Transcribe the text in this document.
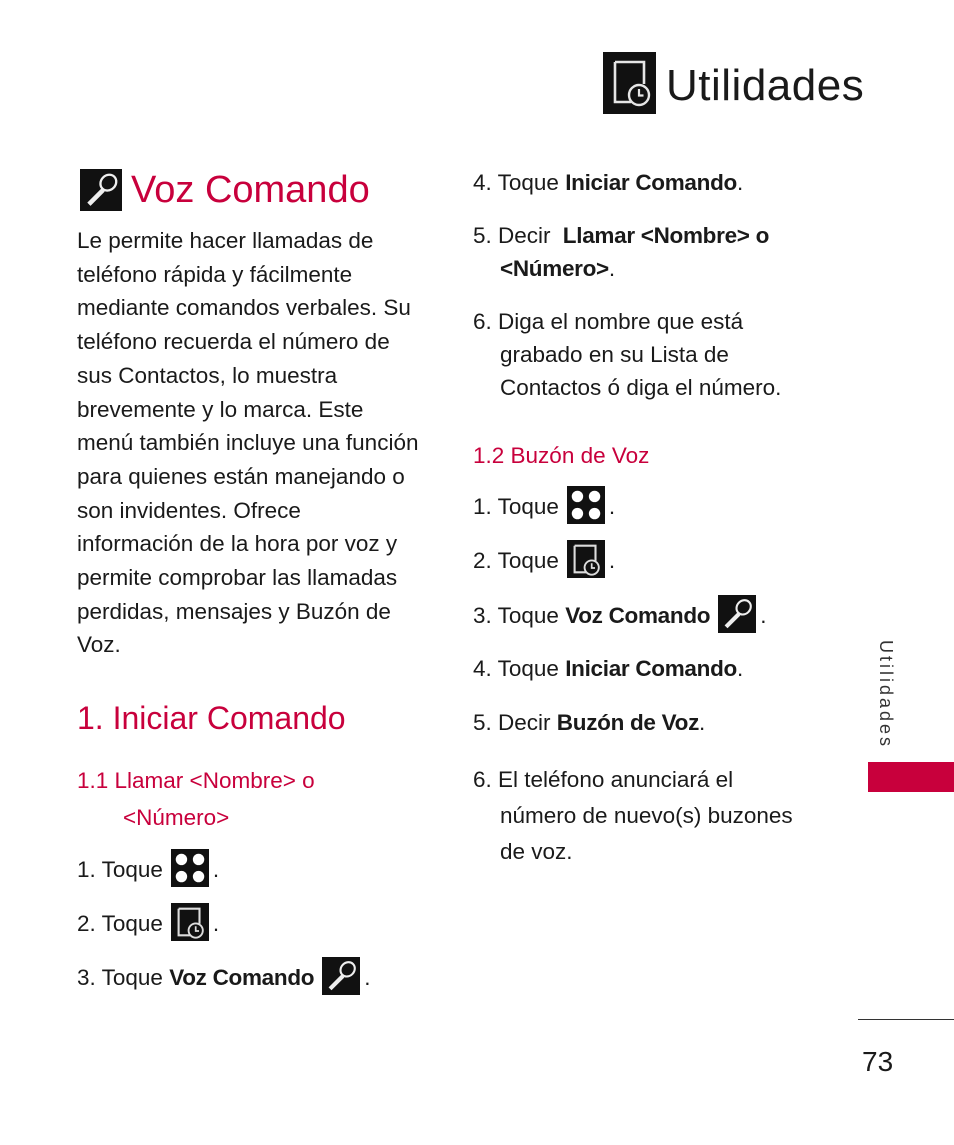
Utilidades
Voz Comando

Le permite hacer llamadas de teléfono rápida y fácilmente mediante comandos verbales. Su teléfono recuerda el número de sus Contactos, lo muestra brevemente y lo marca. Este menú también incluye una función para quienes están manejando o son invidentes. Ofrece información de la hora por voz y permite comprobar las llamadas perdidas, mensajes y Buzón de Voz.

1. Iniciar Comando
1.1 Llamar <Nombre> o
<Número>
1. Toque .
2. Toque .
3. Toque Voz Comando .
4. Toque Iniciar Comando.
5. Decir Llamar <Nombre> o
<Número>.
6. Diga el nombre que está
grabado en su Lista de
Contactos ó diga el número.
1.2 Buzón de Voz
1. Toque .
2. Toque .
3. Toque Voz Comando .
4. Toque Iniciar Comando.
5. Decir Buzón de Voz.
6. El teléfono anunciará el
número de nuevo(s) buzones
de voz.
Utilidades
73
